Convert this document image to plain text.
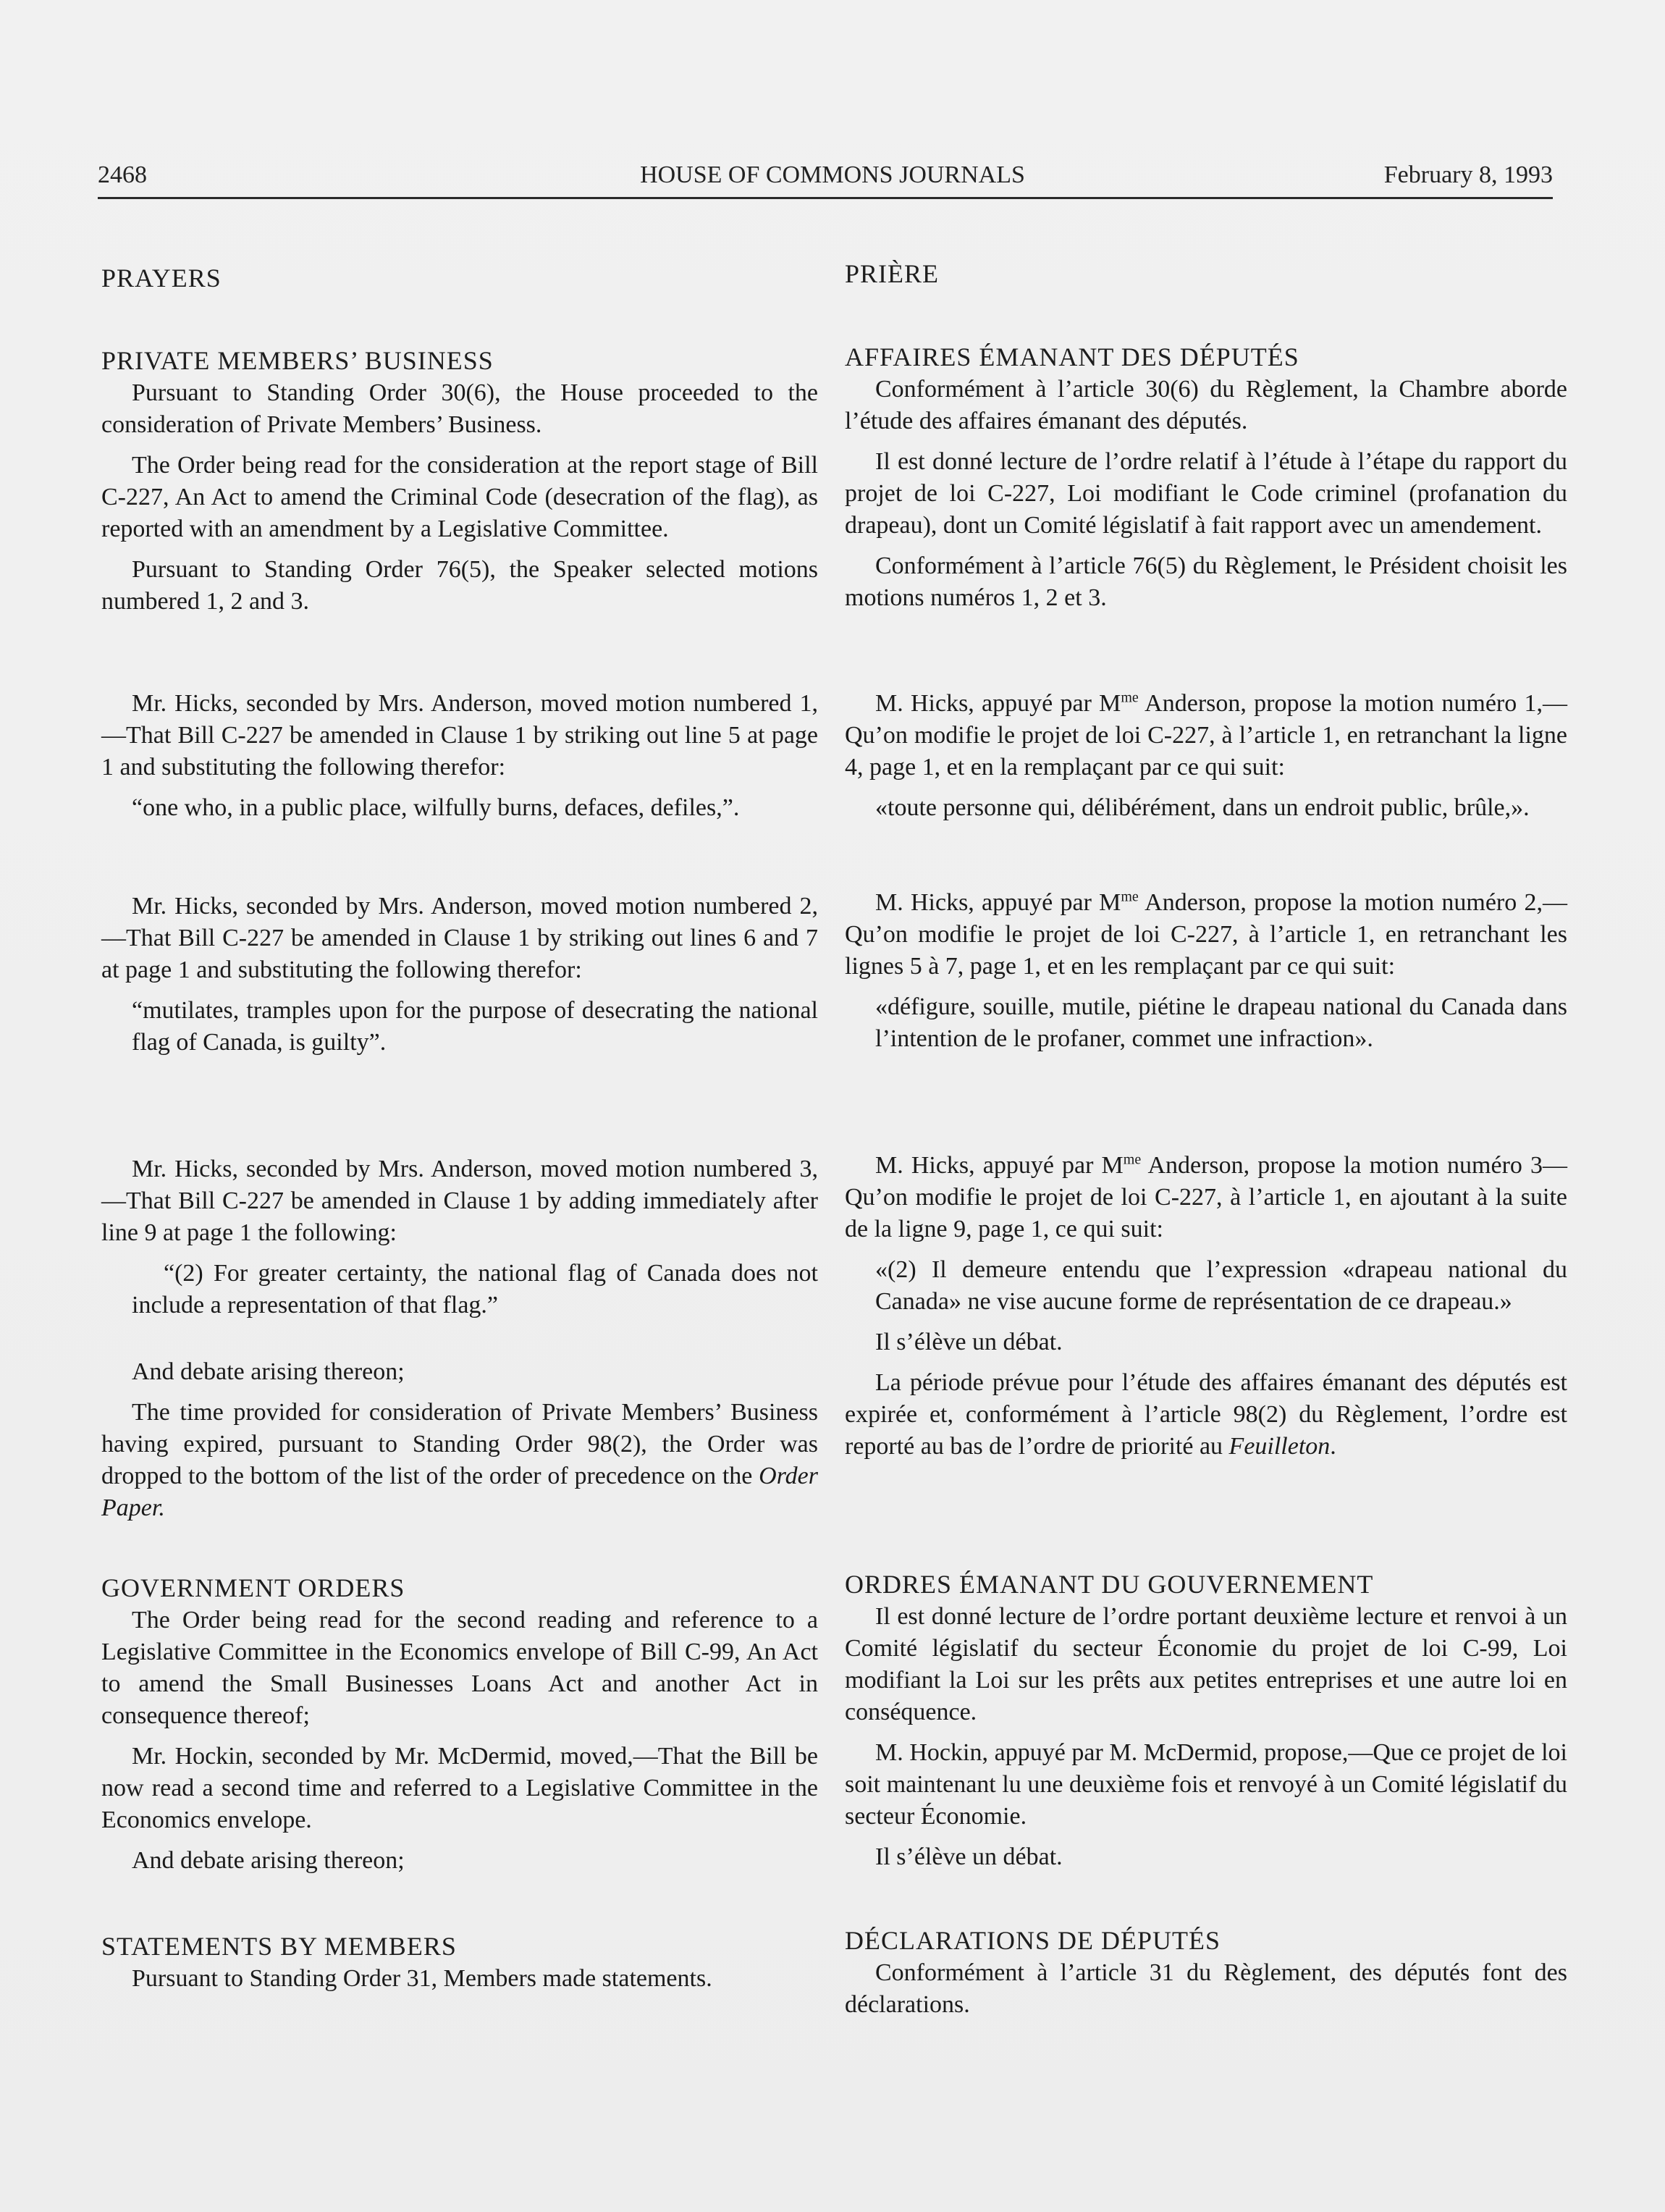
2468	HOUSE OF COMMONS JOURNALS	February 8, 1993
PRAYERS
PRIVATE MEMBERS’ BUSINESS

Pursuant to Standing Order 30(6), the House proceeded to the consideration of Private Members’ Business.

The Order being read for the consideration at the report stage of Bill C-227, An Act to amend the Criminal Code (desecration of the flag), as reported with an amendment by a Legislative Committee.

Pursuant to Standing Order 76(5), the Speaker selected motions numbered 1, 2 and 3.

Mr. Hicks, seconded by Mrs. Anderson, moved motion numbered 1,—That Bill C-227 be amended in Clause 1 by striking out line 5 at page 1 and substituting the following therefor:

“one who, in a public place, wilfully burns, defaces, defiles,”.

Mr. Hicks, seconded by Mrs. Anderson, moved motion numbered 2,—That Bill C-227 be amended in Clause 1 by striking out lines 6 and 7 at page 1 and substituting the following therefor:

“mutilates, tramples upon for the purpose of desecrating the national flag of Canada, is guilty”.

Mr. Hicks, seconded by Mrs. Anderson, moved motion numbered 3,—That Bill C-227 be amended in Clause 1 by adding immediately after line 9 at page 1 the following:

“(2) For greater certainty, the national flag of Canada does not include a representation of that flag.”

And debate arising thereon;

The time provided for consideration of Private Members’ Business having expired, pursuant to Standing Order 98(2), the Order was dropped to the bottom of the list of the order of precedence on the Order Paper.

GOVERNMENT ORDERS

The Order being read for the second reading and reference to a Legislative Committee in the Economics envelope of Bill C-99, An Act to amend the Small Businesses Loans Act and another Act in consequence thereof;

Mr. Hockin, seconded by Mr. McDermid, moved,—That the Bill be now read a second time and referred to a Legislative Committee in the Economics envelope.

And debate arising thereon;

STATEMENTS BY MEMBERS

Pursuant to Standing Order 31, Members made statements.

PRIÈRE
AFFAIRES ÉMANANT DES DÉPUTÉS

Conformément à l’article 30(6) du Règlement, la Chambre aborde l’étude des affaires émanant des députés.

Il est donné lecture de l’ordre relatif à l’étude à l’étape du rapport du projet de loi C-227, Loi modifiant le Code criminel (profanation du drapeau), dont un Comité législatif à fait rapport avec un amendement.

Conformément à l’article 76(5) du Règlement, le Président choisit les motions numéros 1, 2 et 3.

M. Hicks, appuyé par $M^{me}$ Anderson, propose la motion numéro 1,—Qu’on modifie le projet de loi C-227, à l’article 1, en retranchant la ligne 4, page 1, et en la remplaçant par ce qui suit:

«toute personne qui, délibérément, dans un endroit public, brûle,».

M. Hicks, appuyé par $M^{me}$ Anderson, propose la motion numéro 2,—Qu’on modifie le projet de loi C-227, à l’article 1, en retranchant les lignes 5 à 7, page 1, et en les remplaçant par ce qui suit:

«défigure, souille, mutile, piétine le drapeau national du Canada dans l’intention de le profaner, commet une infraction».

M. Hicks, appuyé par $M^{me}$ Anderson, propose la motion numéro 3—Qu’on modifie le projet de loi C-227, à l’article 1, en ajoutant à la suite de la ligne 9, page 1, ce qui suit:

«(2) Il demeure entendu que l’expression «drapeau national du Canada» ne vise aucune forme de représentation de ce drapeau.»

Il s’élève un débat.

La période prévue pour l’étude des affaires émanant des députés est expirée et, conformément à l’article 98(2) du Règlement, l’ordre est reporté au bas de l’ordre de priorité au Feuilleton.

ORDRES ÉMANANT DU GOUVERNEMENT

Il est donné lecture de l’ordre portant deuxième lecture et renvoi à un Comité législatif du secteur Économie du projet de loi C-99, Loi modifiant la Loi sur les prêts aux petites entreprises et une autre loi en conséquence.

M. Hockin, appuyé par M. McDermid, propose,—Que ce projet de loi soit maintenant lu une deuxième fois et renvoyé à un Comité législatif du secteur Économie.

Il s’élève un débat.

DÉCLARATIONS DE DÉPUTÉS

Conformément à l’article 31 du Règlement, des députés font des déclarations.
